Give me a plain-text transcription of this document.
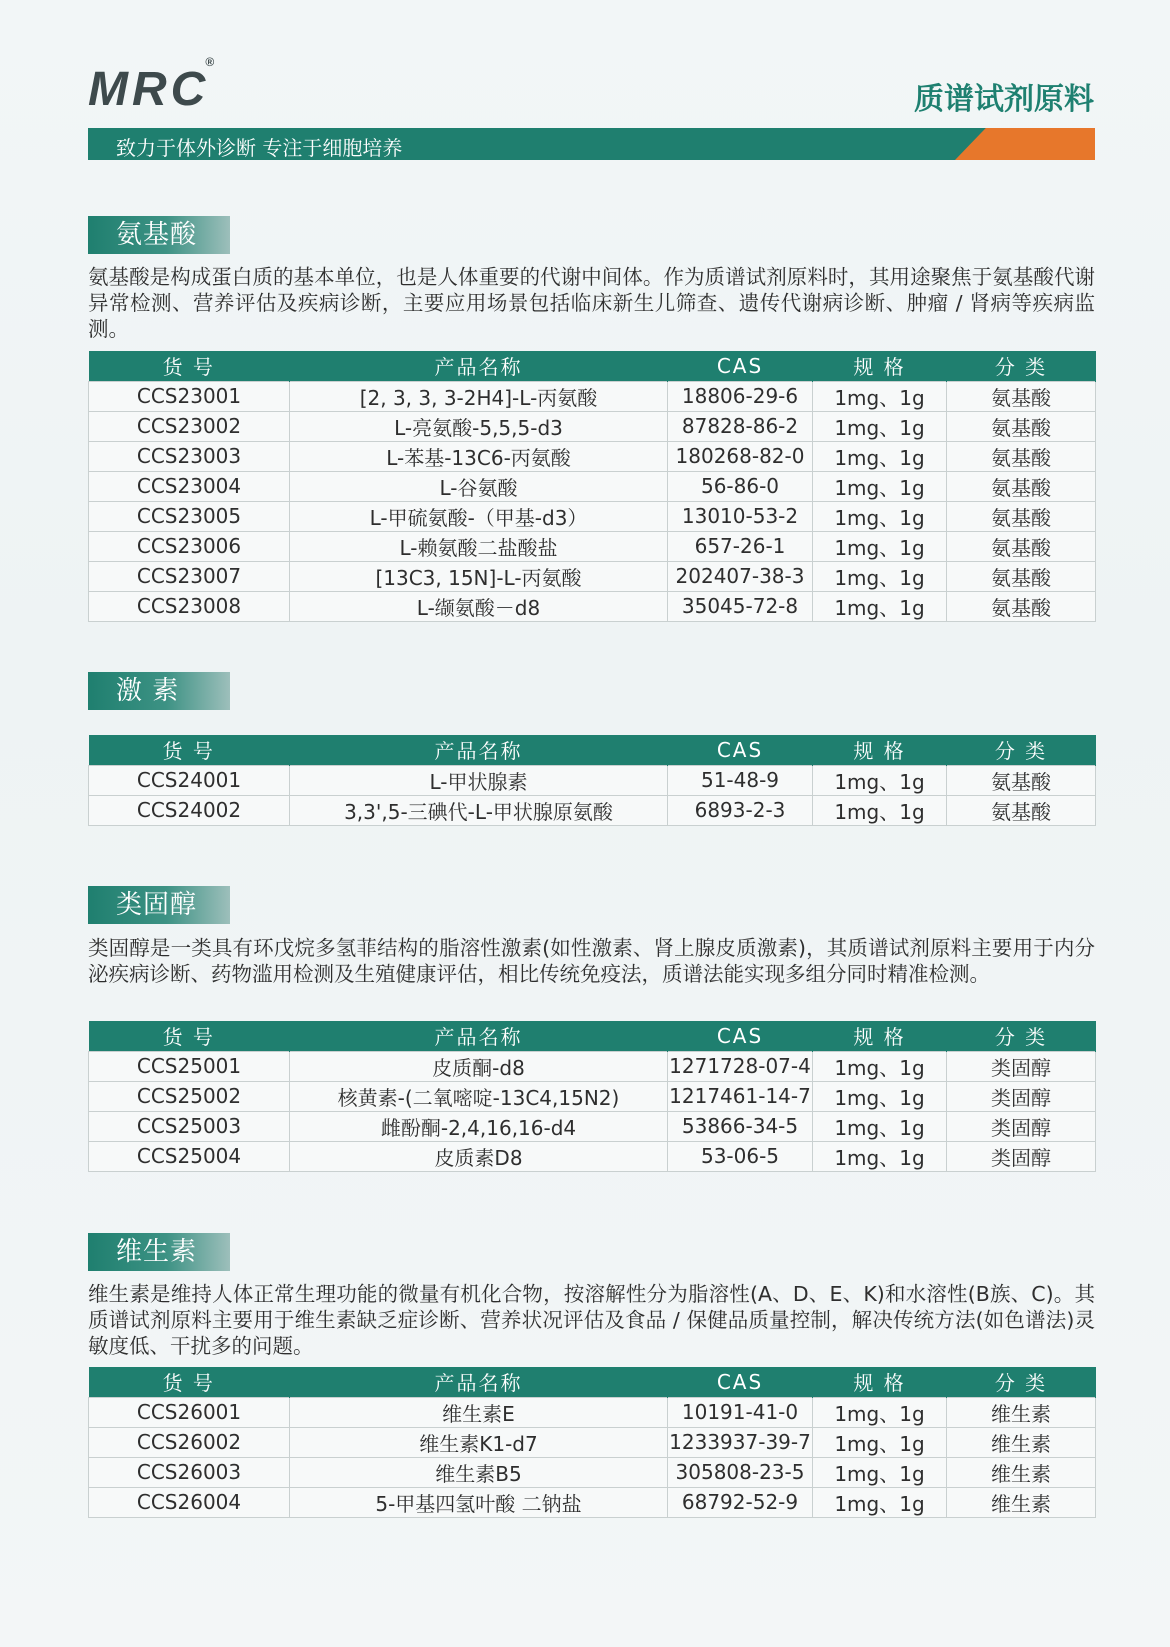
MRC®
质谱试剂原料
致力于体外诊断 专注于细胞培养
氨基酸
氨基酸是构成蛋白质的基本单位，也是人体重要的代谢中间体。作为质谱试剂原料时，其用途聚焦于氨基酸代谢异常检测、营养评估及疾病诊断，主要应用场景包括临床新生儿筛查、遗传代谢病诊断、肿瘤 / 肾病等疾病监测。
货 号	产品名称	CAS	规 格	分 类
CCS23001	[2, 3, 3, 3-2H4]-L-丙氨酸	18806-29-6	1mg、1g	氨基酸
CCS23002	L-亮氨酸-5,5,5-d3	87828-86-2	1mg、1g	氨基酸
CCS23003	L-苯基-13C6-丙氨酸	180268-82-0	1mg、1g	氨基酸
CCS23004	L-谷氨酸	56-86-0	1mg、1g	氨基酸
CCS23005	L-甲硫氨酸-（甲基-d3）	13010-53-2	1mg、1g	氨基酸
CCS23006	L-赖氨酸二盐酸盐	657-26-1	1mg、1g	氨基酸
CCS23007	[13C3, 15N]-L-丙氨酸	202407-38-3	1mg、1g	氨基酸
CCS23008	L-缬氨酸－d8	35045-72-8	1mg、1g	氨基酸
激 素
货 号	产品名称	CAS	规 格	分 类
CCS24001	L-甲状腺素	51-48-9	1mg、1g	氨基酸
CCS24002	3,3',5-三碘代-L-甲状腺原氨酸	6893-2-3	1mg、1g	氨基酸
类固醇
类固醇是一类具有环戊烷多氢菲结构的脂溶性激素(如性激素、肾上腺皮质激素)，其质谱试剂原料主要用于内分泌疾病诊断、药物滥用检测及生殖健康评估，相比传统免疫法，质谱法能实现多组分同时精准检测。
货 号	产品名称	CAS	规 格	分 类
CCS25001	皮质酮-d8	1271728-07-4	1mg、1g	类固醇
CCS25002	核黄素-(二氧嘧啶-13C4,15N2)	1217461-14-7	1mg、1g	类固醇
CCS25003	雌酚酮-2,4,16,16-d4	53866-34-5	1mg、1g	类固醇
CCS25004	皮质素D8	53-06-5	1mg、1g	类固醇
维生素
维生素是维持人体正常生理功能的微量有机化合物，按溶解性分为脂溶性(A、D、E、K)和水溶性(B族、C)。其质谱试剂原料主要用于维生素缺乏症诊断、营养状况评估及食品 / 保健品质量控制，解决传统方法(如色谱法)灵敏度低、干扰多的问题。
货 号	产品名称	CAS	规 格	分 类
CCS26001	维生素E	10191-41-0	1mg、1g	维生素
CCS26002	维生素K1-d7	1233937-39-7	1mg、1g	维生素
CCS26003	维生素B5	305808-23-5	1mg、1g	维生素
CCS26004	5-甲基四氢叶酸 二钠盐	68792-52-9	1mg、1g	维生素
